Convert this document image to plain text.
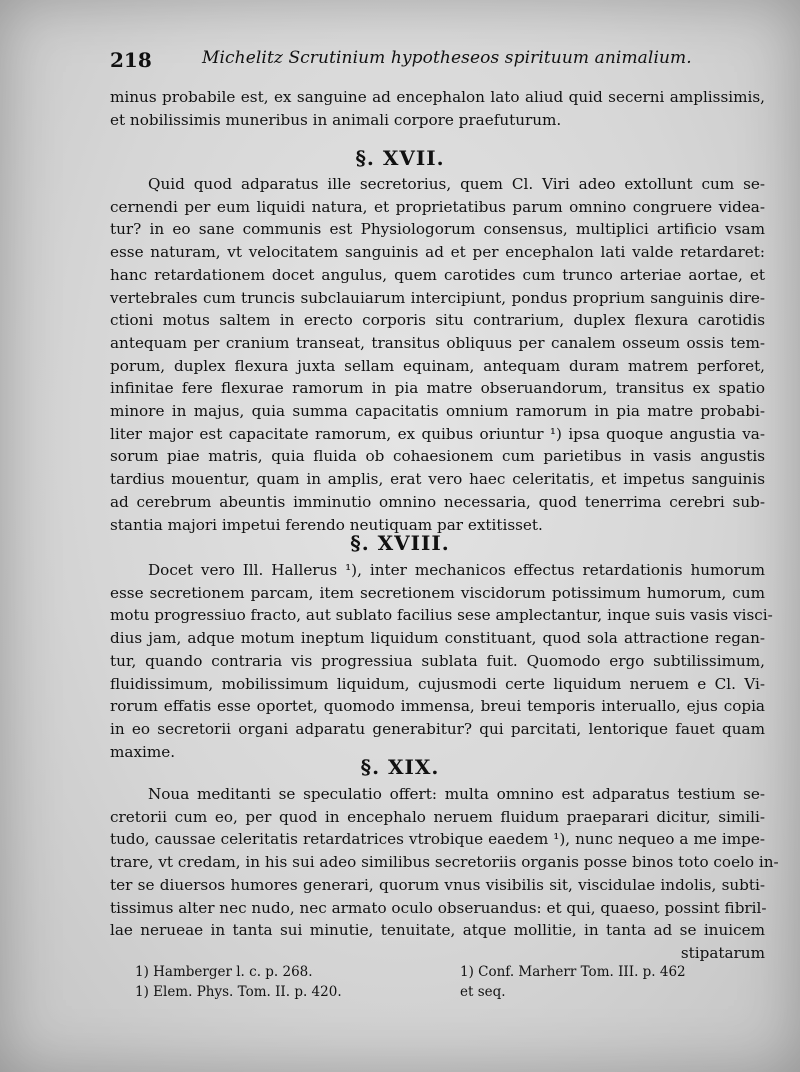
218	Michelitz Scrutinium hypotheseos spirituum animalium.
minus probabile est, ex sanguine ad encephalon lato aliud quid secerni amplissimis,
et nobilissimis muneribus in animali corpore praefuturum.
§. XVII.
Quid quod adparatus ille secretorius, quem Cl. Viri adeo extollunt cum se-
cernendi per eum liquidi natura, et proprietatibus parum omnino congruere videa-
tur? in eo sane communis est Physiologorum consensus, multiplici artificio vsam
esse naturam, vt velocitatem sanguinis ad et per encephalon lati valde retardaret:
hanc retardationem docet angulus, quem carotides cum trunco arteriae aortae, et
vertebrales cum truncis subclauiarum intercipiunt, pondus proprium sanguinis dire-
ctioni motus saltem in erecto corporis situ contrarium, duplex flexura carotidis
antequam per cranium transeat, transitus obliquus per canalem osseum ossis tem-
porum, duplex flexura juxta sellam equinam, antequam duram matrem perforet,
infinitae fere flexurae ramorum in pia matre obseruandorum, transitus ex spatio
minore in majus, quia summa capacitatis omnium ramorum in pia matre probabi-
liter major est capacitate ramorum, ex quibus oriuntur ¹) ipsa quoque angustia va-
sorum piae matris, quia fluida ob cohaesionem cum parietibus in vasis angustis
tardius mouentur, quam in amplis, erat vero haec celeritatis, et impetus sanguinis
ad cerebrum abeuntis imminutio omnino necessaria, quod tenerrima cerebri sub-
stantia majori impetui ferendo neutiquam par extitisset.
§. XVIII.
Docet vero Ill. Hallerus ¹), inter mechanicos effectus retardationis humorum
esse secretionem parcam, item secretionem viscidorum potissimum humorum, cum
motu progressiuo fracto, aut sublato facilius sese amplectantur, inque suis vasis visci-
dius jam, adque motum ineptum liquidum constituant, quod sola attractione regan-
tur, quando contraria vis progressiua sublata fuit. Quomodo ergo subtilissimum,
fluidissimum, mobilissimum liquidum, cujusmodi certe liquidum neruem e Cl. Vi-
rorum effatis esse oportet, quomodo immensa, breui temporis interuallo, ejus copia
in eo secretorii organi adparatu generabitur? qui parcitati, lentorique fauet quam
maxime.
§. XIX.
Noua meditanti se speculatio offert: multa omnino est adparatus testium se-
cretorii cum eo, per quod in encephalo neruem fluidum praeparari dicitur, simili-
tudo, caussae celeritatis retardatrices vtrobique eaedem ¹), nunc nequeo a me impe-
trare, vt credam, in his sui adeo similibus secretoriis organis posse binos toto coelo in-
ter se diuersos humores generari, quorum vnus visibilis sit, viscidulae indolis, subti-
tissimus alter nec nudo, nec armato oculo obseruandus: et qui, quaeso, possint fibril-
lae nerueae in tanta sui minutie, tenuitate, atque mollitie, in tanta ad se inuicem
stipatarum
1) Hamberger l. c. p. 268.
1) Elem. Phys. Tom. II. p. 420.
1) Conf. Marherr Tom. III. p. 462
et seq.
